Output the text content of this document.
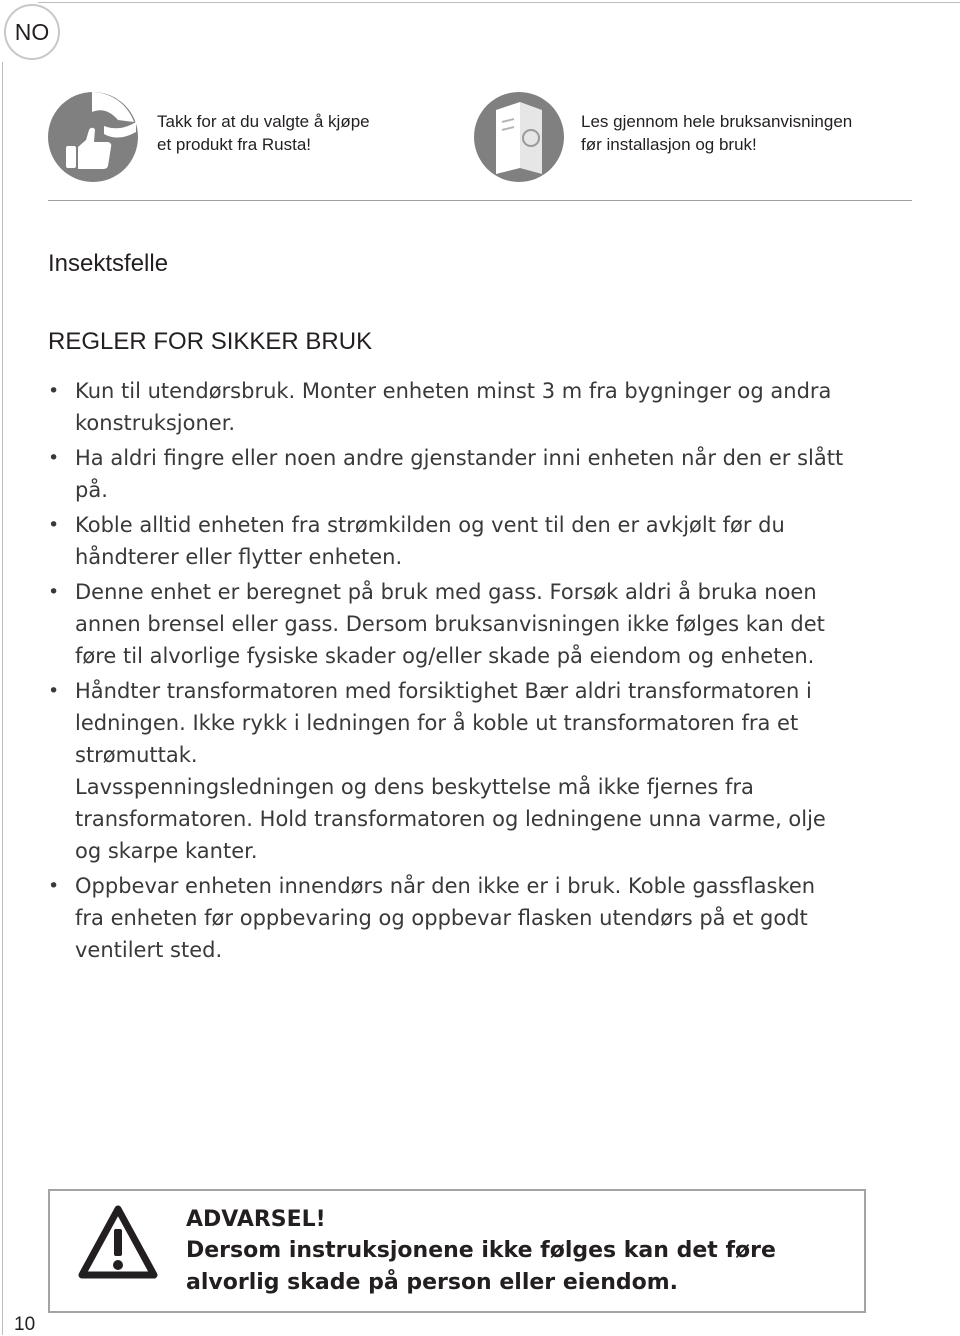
NO
Takk for at du valgte å kjøpe
et produkt fra Rusta!
Les gjennom hele bruksanvisningen
før installasjon og bruk!
Insektsfelle
REGLER FOR SIKKER BRUK
• Kun til utendørsbruk. Monter enheten minst 3 m fra bygninger og andra konstruksjoner.

• Ha aldri fingre eller noen andre gjenstander inni enheten når den er slått på.

• Koble alltid enheten fra strømkilden og vent til den er avkjølt før du håndterer eller flytter enheten.

• Denne enhet er beregnet på bruk med gass. Forsøk aldri å bruka noen annen brensel eller gass. Dersom bruksanvisningen ikke følges kan det føre til alvorlige fysiske skader og/eller skade på eiendom og enheten.

• Håndter transformatoren med forsiktighet Bær aldri transformatoren i ledningen. Ikke rykk i ledningen for å koble ut transformatoren fra et strømuttak.

Lavsspenningsledningen og dens beskyttelse må ikke fjernes fra transformatoren. Hold transformatoren og ledningene unna varme, olje og skarpe kanter.

• Oppbevar enheten innendørs når den ikke er i bruk. Koble gassflasken fra enheten før oppbevaring og oppbevar flasken utendørs på et godt ventilert sted.

ADVARSEL!
Dersom instruksjonene ikke følges kan det føre alvorlig skade på person eller eiendom.
10
